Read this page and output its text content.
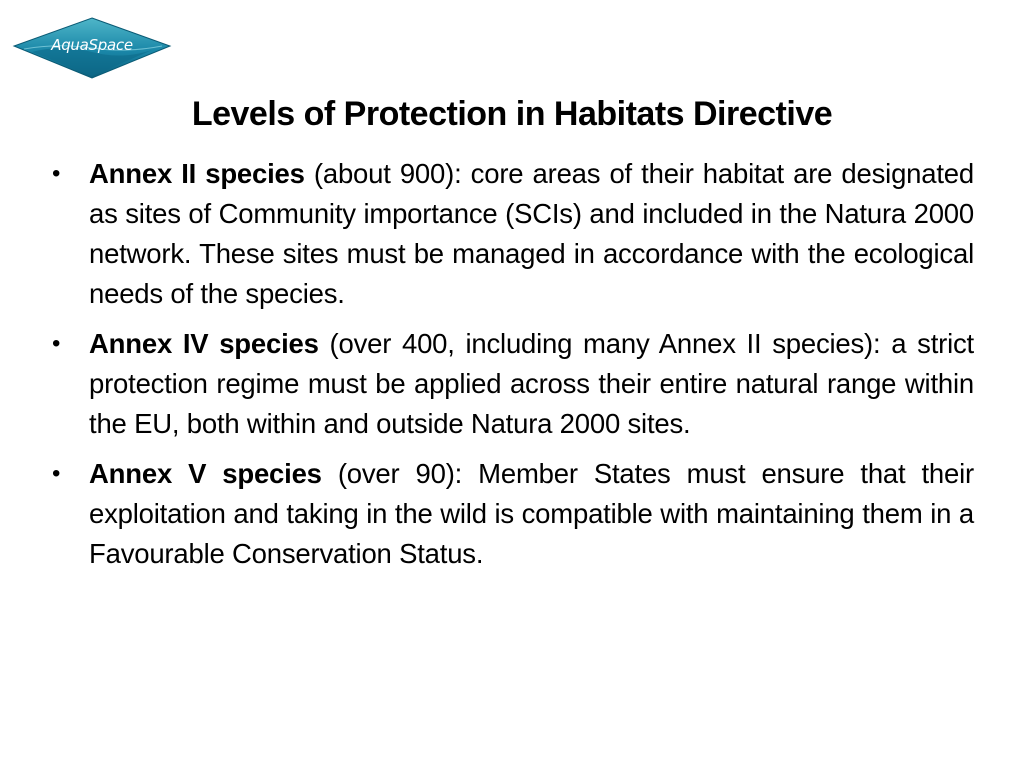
AquaSpace
Levels of Protection in Habitats Directive
• Annex II species (about 900): core areas of their habitat are designated as sites of Community importance (SCIs) and included in the Natura 2000 network. These sites must be managed in accordance with the ecological needs of the species.
• Annex IV species (over 400, including many Annex II species): a strict protection regime must be applied across their entire natural range within the EU, both within and outside Natura 2000 sites.
• Annex V species (over 90): Member States must ensure that their exploitation and taking in the wild is compatible with maintaining them in a Favourable Conservation Status.
